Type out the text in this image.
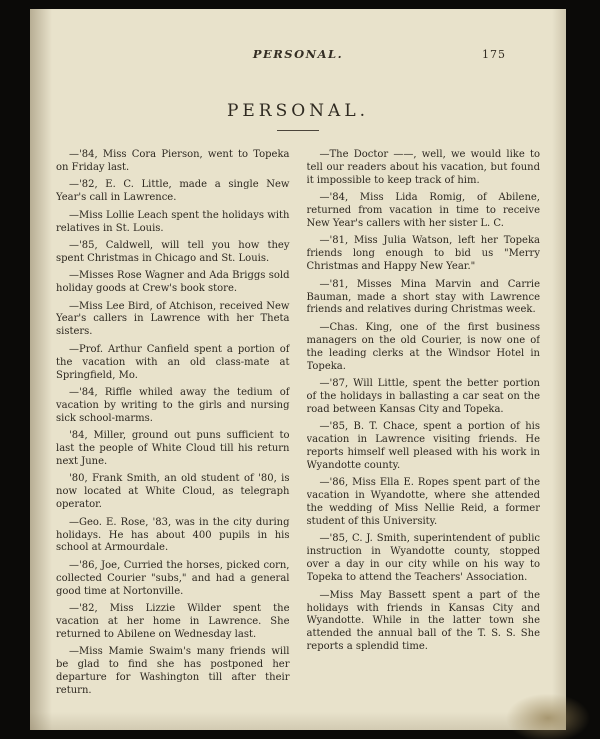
PERSONAL.	175
PERSONAL.

—'84, Miss Cora Pierson, went to Topeka on Friday last.

—'82, E. C. Little, made a single New Year's call in Lawrence.

—Miss Lollie Leach spent the holidays with relatives in St. Louis.

—'85, Caldwell, will tell you how they spent Christmas in Chicago and St. Louis.

—Misses Rose Wagner and Ada Briggs sold holiday goods at Crew's book store.

—Miss Lee Bird, of Atchison, received New Year's callers in Lawrence with her Theta sisters.

—Prof. Arthur Canfield spent a portion of the vacation with an old class-mate at Springfield, Mo.

—'84, Riffle whiled away the tedium of vacation by writing to the girls and nursing sick school-marms.

'84, Miller, ground out puns sufficient to last the people of White Cloud till his return next June.

'80, Frank Smith, an old student of '80, is now located at White Cloud, as telegraph operator.

—Geo. E. Rose, '83, was in the city during holidays. He has about 400 pupils in his school at Armourdale.

—'86, Joe, Curried the horses, picked corn, collected Courier "subs," and had a general good time at Nortonville.

—'82, Miss Lizzie Wilder spent the vacation at her home in Lawrence. She returned to Abilene on Wednesday last.

—Miss Mamie Swaim's many friends will be glad to find she has postponed her departure for Washington till after their return.

—The Doctor ——, well, we would like to tell our readers about his vacation, but found it impossible to keep track of him.

—'84, Miss Lida Romig, of Abilene, returned from vacation in time to receive New Year's callers with her sister L. C.

—'81, Miss Julia Watson, left her Topeka friends long enough to bid us "Merry Christmas and Happy New Year."

—'81, Misses Mina Marvin and Carrie Bauman, made a short stay with Lawrence friends and relatives during Christmas week.

—Chas. King, one of the first business managers on the old Courier, is now one of the leading clerks at the Windsor Hotel in Topeka.

—'87, Will Little, spent the better portion of the holidays in ballasting a car seat on the road between Kansas City and Topeka.

—'85, B. T. Chace, spent a portion of his vacation in Lawrence visiting friends. He reports himself well pleased with his work in Wyandotte county.

—'86, Miss Ella E. Ropes spent part of the vacation in Wyandotte, where she attended the wedding of Miss Nellie Reid, a former student of this University.

—'85, C. J. Smith, superintendent of public instruction in Wyandotte county, stopped over a day in our city while on his way to Topeka to attend the Teachers' Association.

—Miss May Bassett spent a part of the holidays with friends in Kansas City and Wyandotte. While in the latter town she attended the annual ball of the T. S. S. She reports a splendid time.
